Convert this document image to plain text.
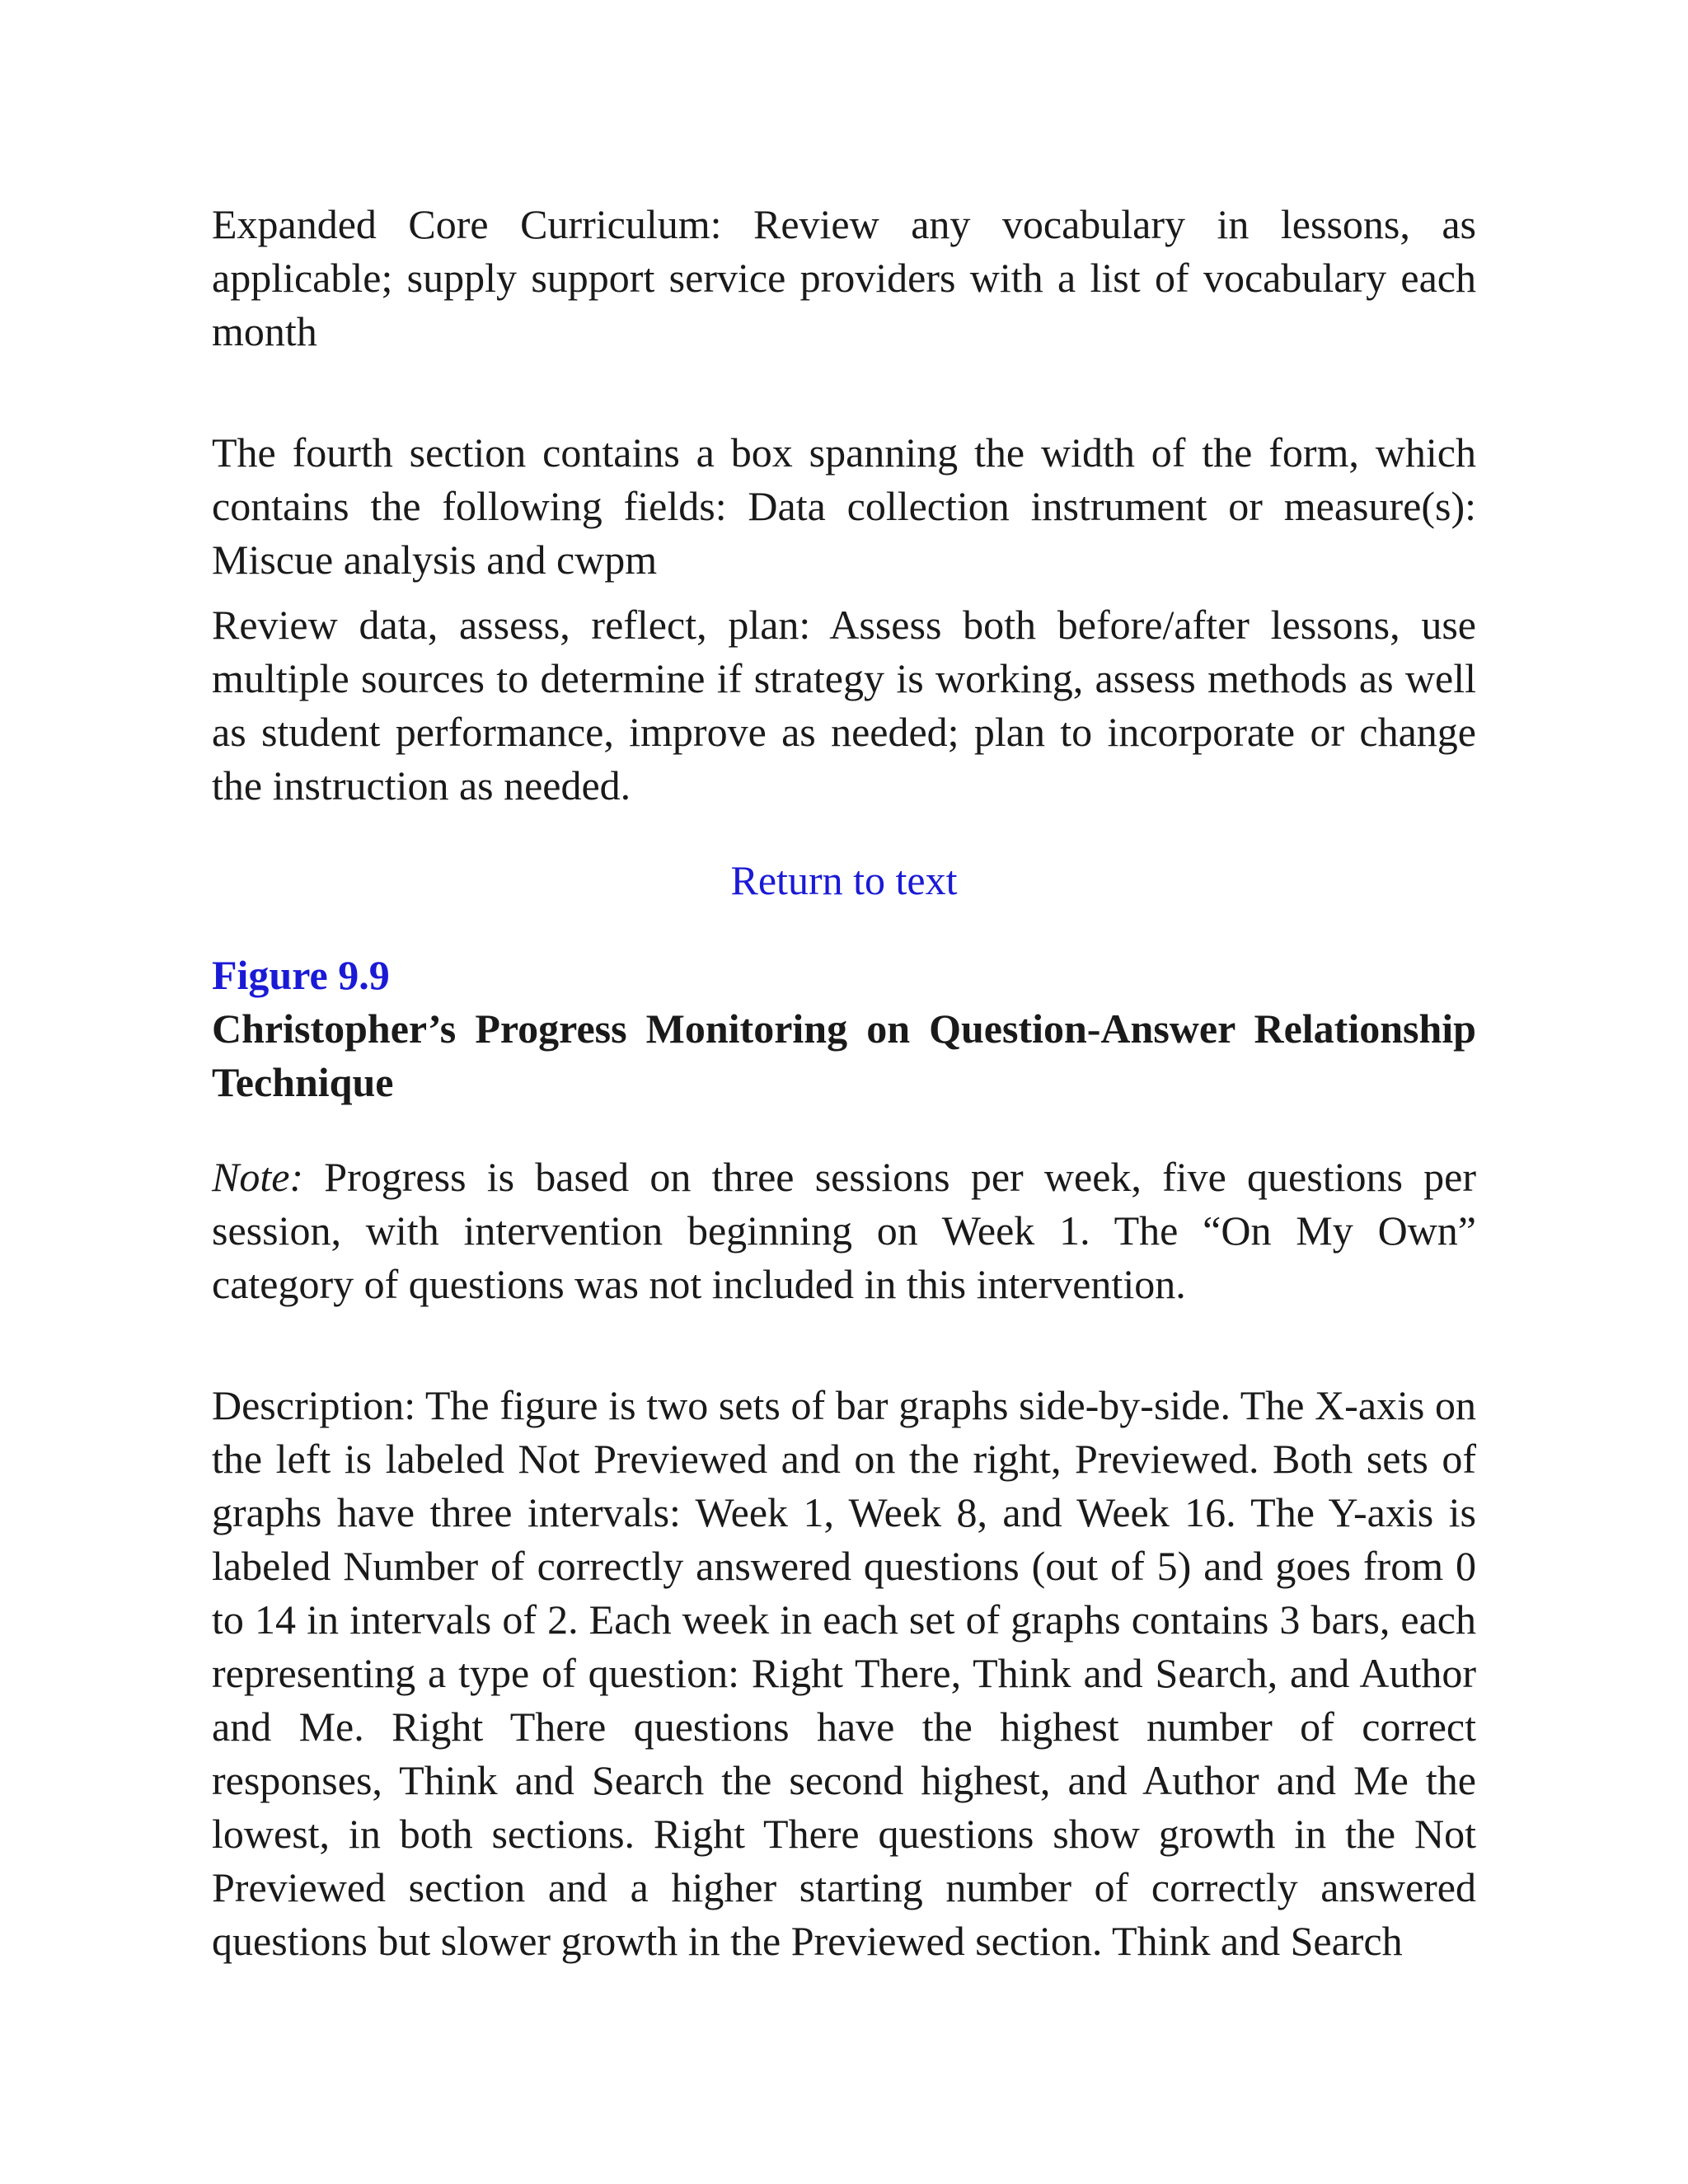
Expanded Core Curriculum: Review any vocabulary in lessons, as applicable; supply support service providers with a list of vocabulary each month

The fourth section contains a box spanning the width of the form, which contains the following fields: Data collection instrument or measure(s): Miscue analysis and cwpm

Review data, assess, reflect, plan: Assess both before/after lessons, use multiple sources to determine if strategy is working, assess methods as well as student performance, improve as needed; plan to incorporate or change the instruction as needed.

Return to text

Figure 9.9

Christopher’s Progress Monitoring on Question-Answer Relationship Technique

Note: Progress is based on three sessions per week, five questions per session, with intervention beginning on Week 1. The “On My Own” category of questions was not included in this intervention.

Description: The figure is two sets of bar graphs side-by-side. The X-axis on the left is labeled Not Previewed and on the right, Previewed. Both sets of graphs have three intervals: Week 1, Week 8, and Week 16. The Y-axis is labeled Number of correctly answered questions (out of 5) and goes from 0 to 14 in intervals of 2. Each week in each set of graphs contains 3 bars, each representing a type of question: Right There, Think and Search, and Author and Me. Right There questions have the highest number of correct responses, Think and Search the second highest, and Author and Me the lowest, in both sections. Right There questions show growth in the Not Previewed section and a higher starting number of correctly answered questions but slower growth in the Previewed section. Think and Search
